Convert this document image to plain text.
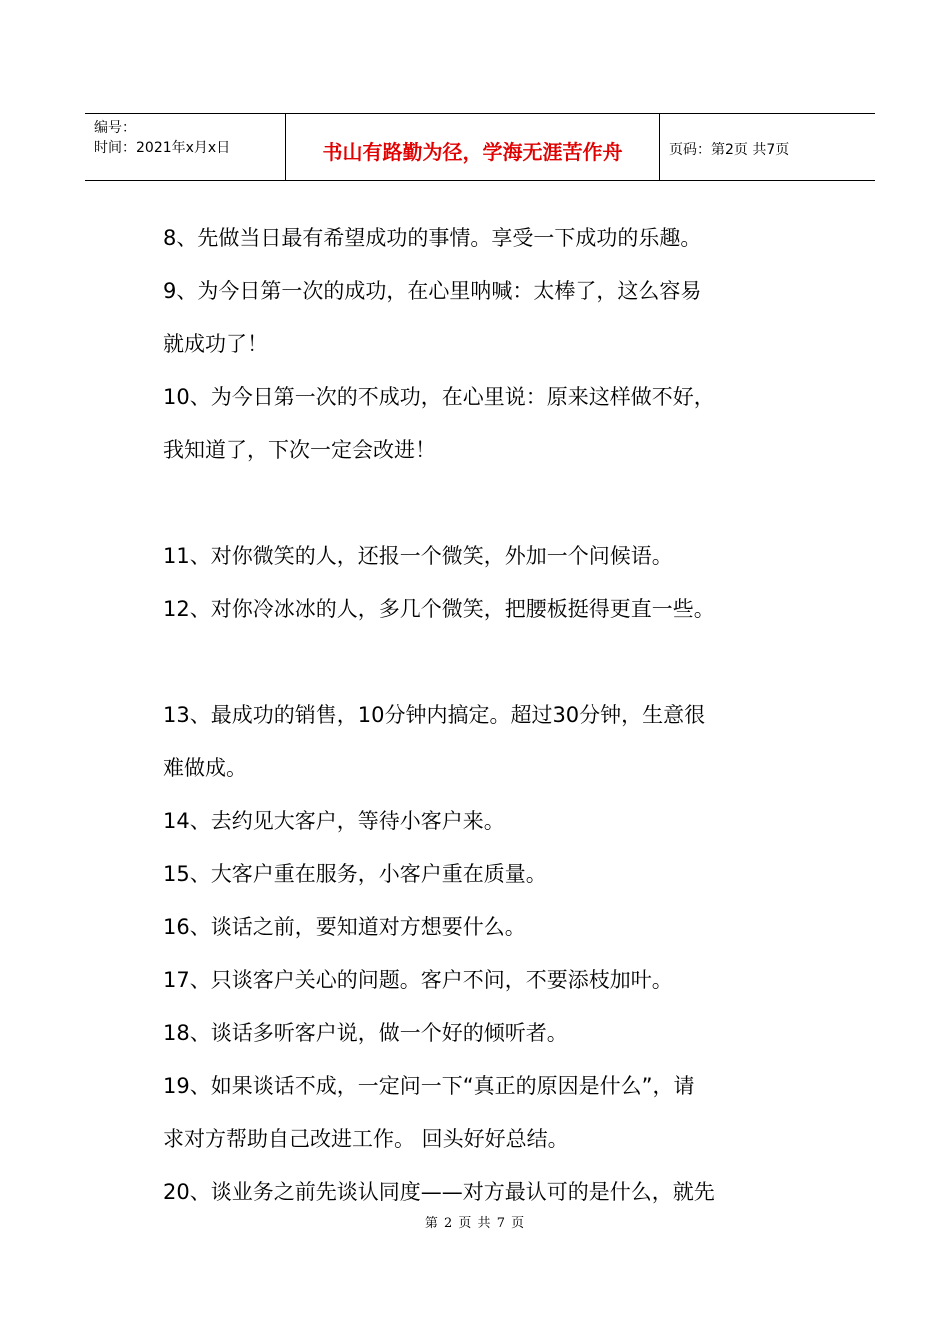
编号：
时间：2021年x月x日	书山有路勤为径，学海无涯苦作舟	页码：第2页 共7页

8、先做当日最有希望成功的事情。享受一下成功的乐趣。

9、为今日第一次的成功，在心里呐喊：太棒了，这么容易

就成功了！

10、为今日第一次的不成功，在心里说：原来这样做不好，

我知道了，下次一定会改进！

11、对你微笑的人，还报一个微笑，外加一个问候语。

12、对你冷冰冰的人，多几个微笑，把腰板挺得更直一些。

13、最成功的销售，10分钟内搞定。超过30分钟，生意很

难做成。

14、去约见大客户，等待小客户来。

15、大客户重在服务，小客户重在质量。

16、谈话之前，要知道对方想要什么。

17、只谈客户关心的问题。客户不问，不要添枝加叶。

18、谈话多听客户说，做一个好的倾听者。

19、如果谈话不成，一定问一下“真正的原因是什么”，请

求对方帮助自己改进工作。 回头好好总结。

20、谈业务之前先谈认同度——对方最认可的是什么，就先

第 2 页 共 7 页
